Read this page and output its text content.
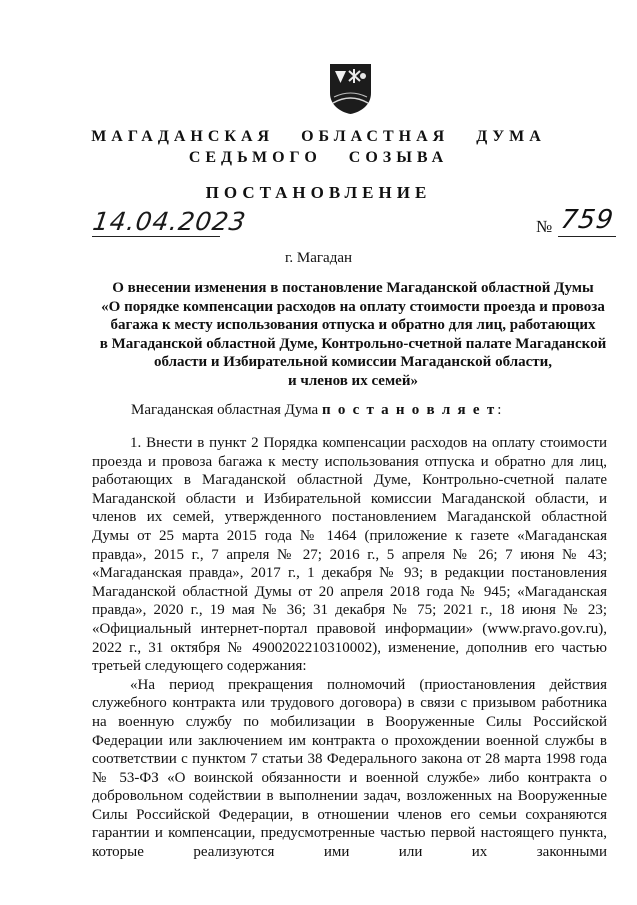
МАГАДАНСКАЯ   ОБЛАСТНАЯ   ДУМА
СЕДЬМОГО   СОЗЫВА
ПОСТАНОВЛЕНИЕ
14.04.2023	№ 759
г. Магадан
О внесении изменения в постановление Магаданской областной Думы
«О порядке компенсации расходов на оплату стоимости проезда и провоза
багажа к месту использования отпуска и обратно для лиц, работающих
в Магаданской областной Думе, Контрольно-счетной палате Магаданской
области и Избирательной комиссии Магаданской области,
и членов их семей»
Магаданская областная Дума п о с т а н о в л я е т:

1. Внести в пункт 2 Порядка компенсации расходов на оплату стоимости проезда и провоза багажа к месту использования отпуска и обратно для лиц, работающих в Магаданской областной Думе, Контрольно-счетной палате Магаданской области и Избирательной комиссии Магаданской области, и членов их семей, утвержденного постановлением Магаданской областной Думы от 25 марта 2015 года № 1464 (приложение к газете «Магаданская правда», 2015 г., 7 апреля № 27; 2016 г., 5 апреля № 26; 7 июня № 43; «Магаданская правда», 2017 г., 1 декабря № 93; в редакции постановления Магаданской областной Думы от 20 апреля 2018 года № 945; «Магаданская правда», 2020 г., 19 мая № 36; 31 декабря № 75; 2021 г., 18 июня № 23; «Официальный интернет-портал правовой информации» (www.pravo.gov.ru), 2022 г., 31 октября № 4900202210310002), изменение, дополнив его частью третьей следующего содержания:

«На период прекращения полномочий (приостановления действия служебного контракта или трудового договора) в связи с призывом работника на военную службу по мобилизации в Вооруженные Силы Российской Федерации или заключением им контракта о прохождении военной службы в соответствии с пунктом 7 статьи 38 Федерального закона от 28 марта 1998 года № 53-ФЗ «О воинской обязанности и военной службе» либо контракта о добровольном содействии в выполнении задач, возложенных на Вооруженные Силы Российской Федерации, в отношении членов его семьи сохраняются гарантии и компенсации, предусмотренные частью первой настоящего пункта, которые реализуются ими или их законными
